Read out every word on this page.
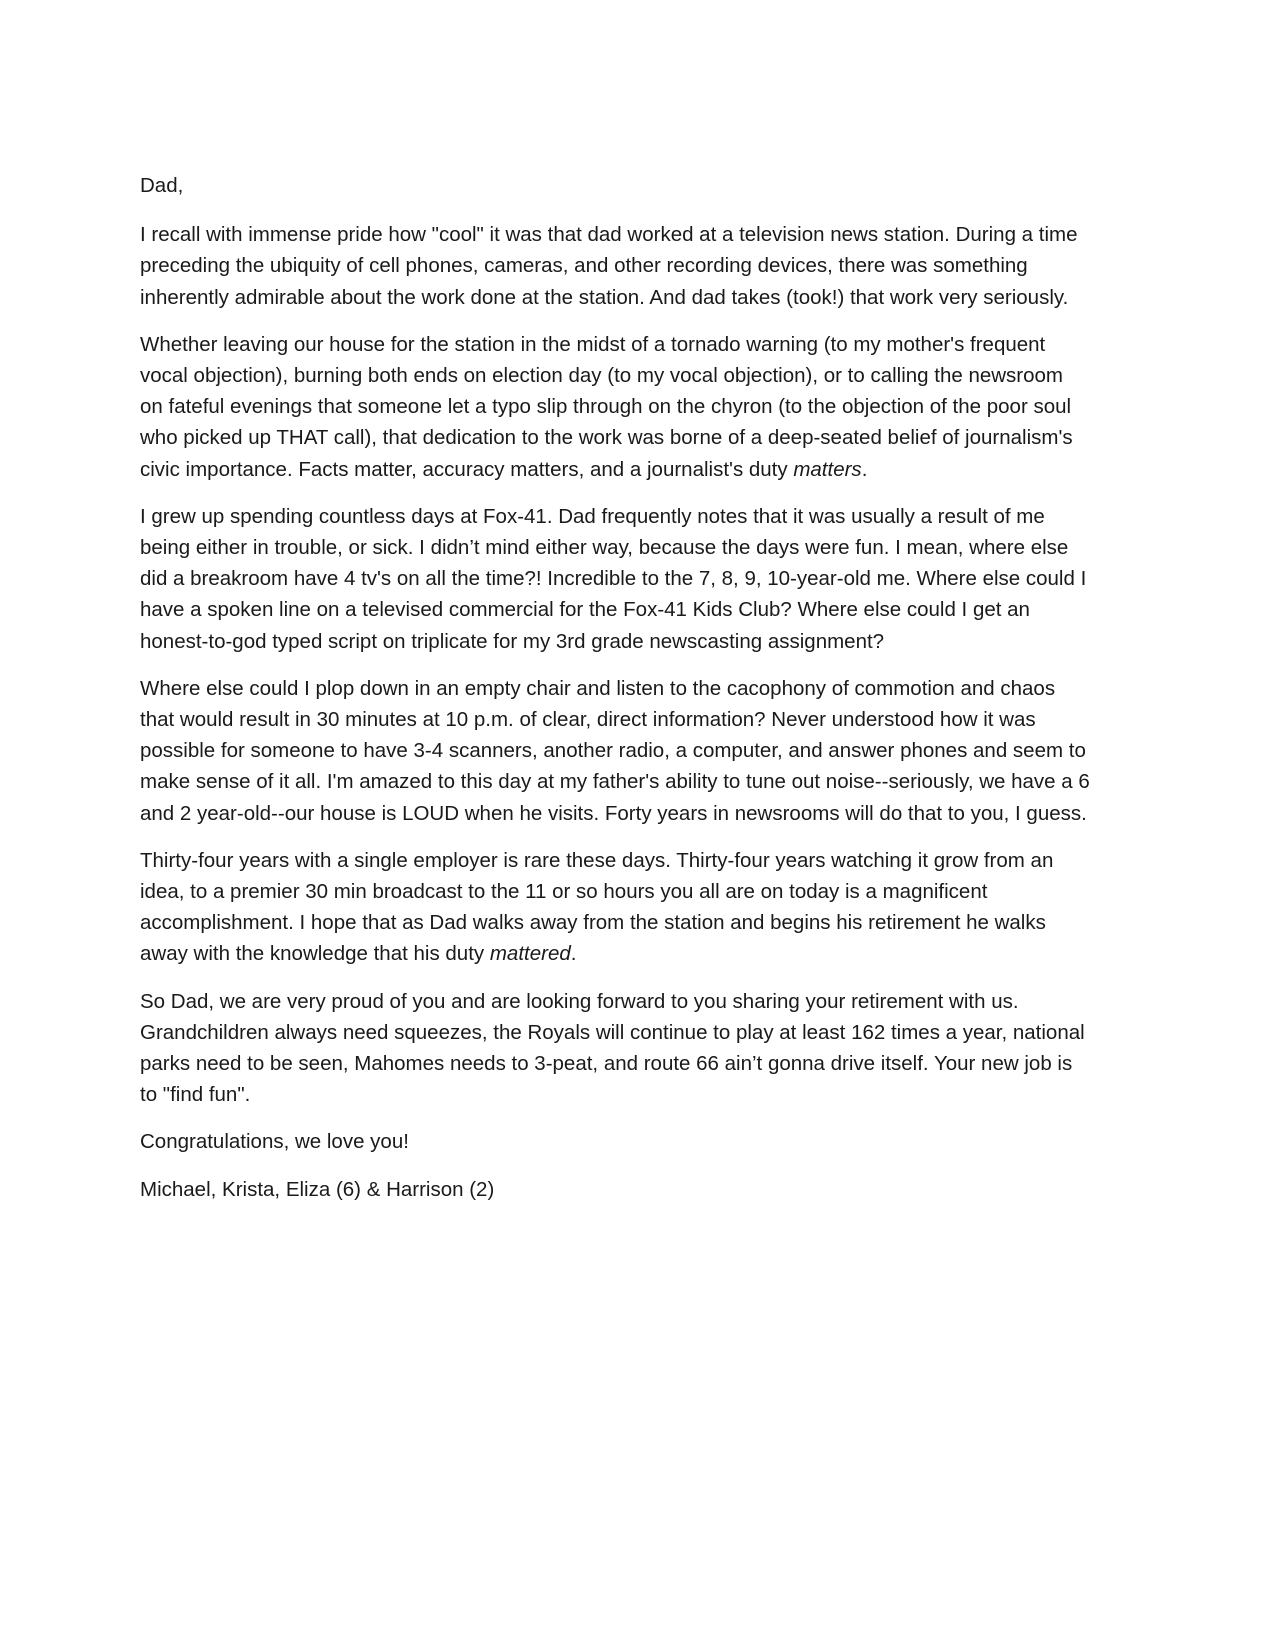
Dad,

I recall with immense pride how "cool" it was that dad worked at a television news station. During a time preceding the ubiquity of cell phones, cameras, and other recording devices, there was something inherently admirable about the work done at the station. And dad takes (took!) that work very seriously.

Whether leaving our house for the station in the midst of a tornado warning (to my mother's frequent vocal objection), burning both ends on election day (to my vocal objection), or to calling the newsroom on fateful evenings that someone let a typo slip through on the chyron (to the objection of the poor soul who picked up THAT call), that dedication to the work was borne of a deep-seated belief of journalism's civic importance. Facts matter, accuracy matters, and a journalist's duty matters.

I grew up spending countless days at Fox-41. Dad frequently notes that it was usually a result of me being either in trouble, or sick. I didn’t mind either way, because the days were fun. I mean, where else did a breakroom have 4 tv's on all the time?! Incredible to the 7, 8, 9, 10-year-old me. Where else could I have a spoken line on a televised commercial for the Fox-41 Kids Club? Where else could I get an honest-to-god typed script on triplicate for my 3rd grade newscasting assignment?

Where else could I plop down in an empty chair and listen to the cacophony of commotion and chaos that would result in 30 minutes at 10 p.m. of clear, direct information? Never understood how it was possible for someone to have 3-4 scanners, another radio, a computer, and answer phones and seem to make sense of it all. I'm amazed to this day at my father's ability to tune out noise--seriously, we have a 6 and 2 year-old--our house is LOUD when he visits. Forty years in newsrooms will do that to you, I guess.

Thirty-four years with a single employer is rare these days. Thirty-four years watching it grow from an idea, to a premier 30 min broadcast to the 11 or so hours you all are on today is a magnificent accomplishment. I hope that as Dad walks away from the station and begins his retirement he walks away with the knowledge that his duty mattered.

So Dad, we are very proud of you and are looking forward to you sharing your retirement with us. Grandchildren always need squeezes, the Royals will continue to play at least 162 times a year, national parks need to be seen, Mahomes needs to 3-peat, and route 66 ain’t gonna drive itself. Your new job is to "find fun".

Congratulations, we love you!

Michael, Krista, Eliza (6) & Harrison (2)
